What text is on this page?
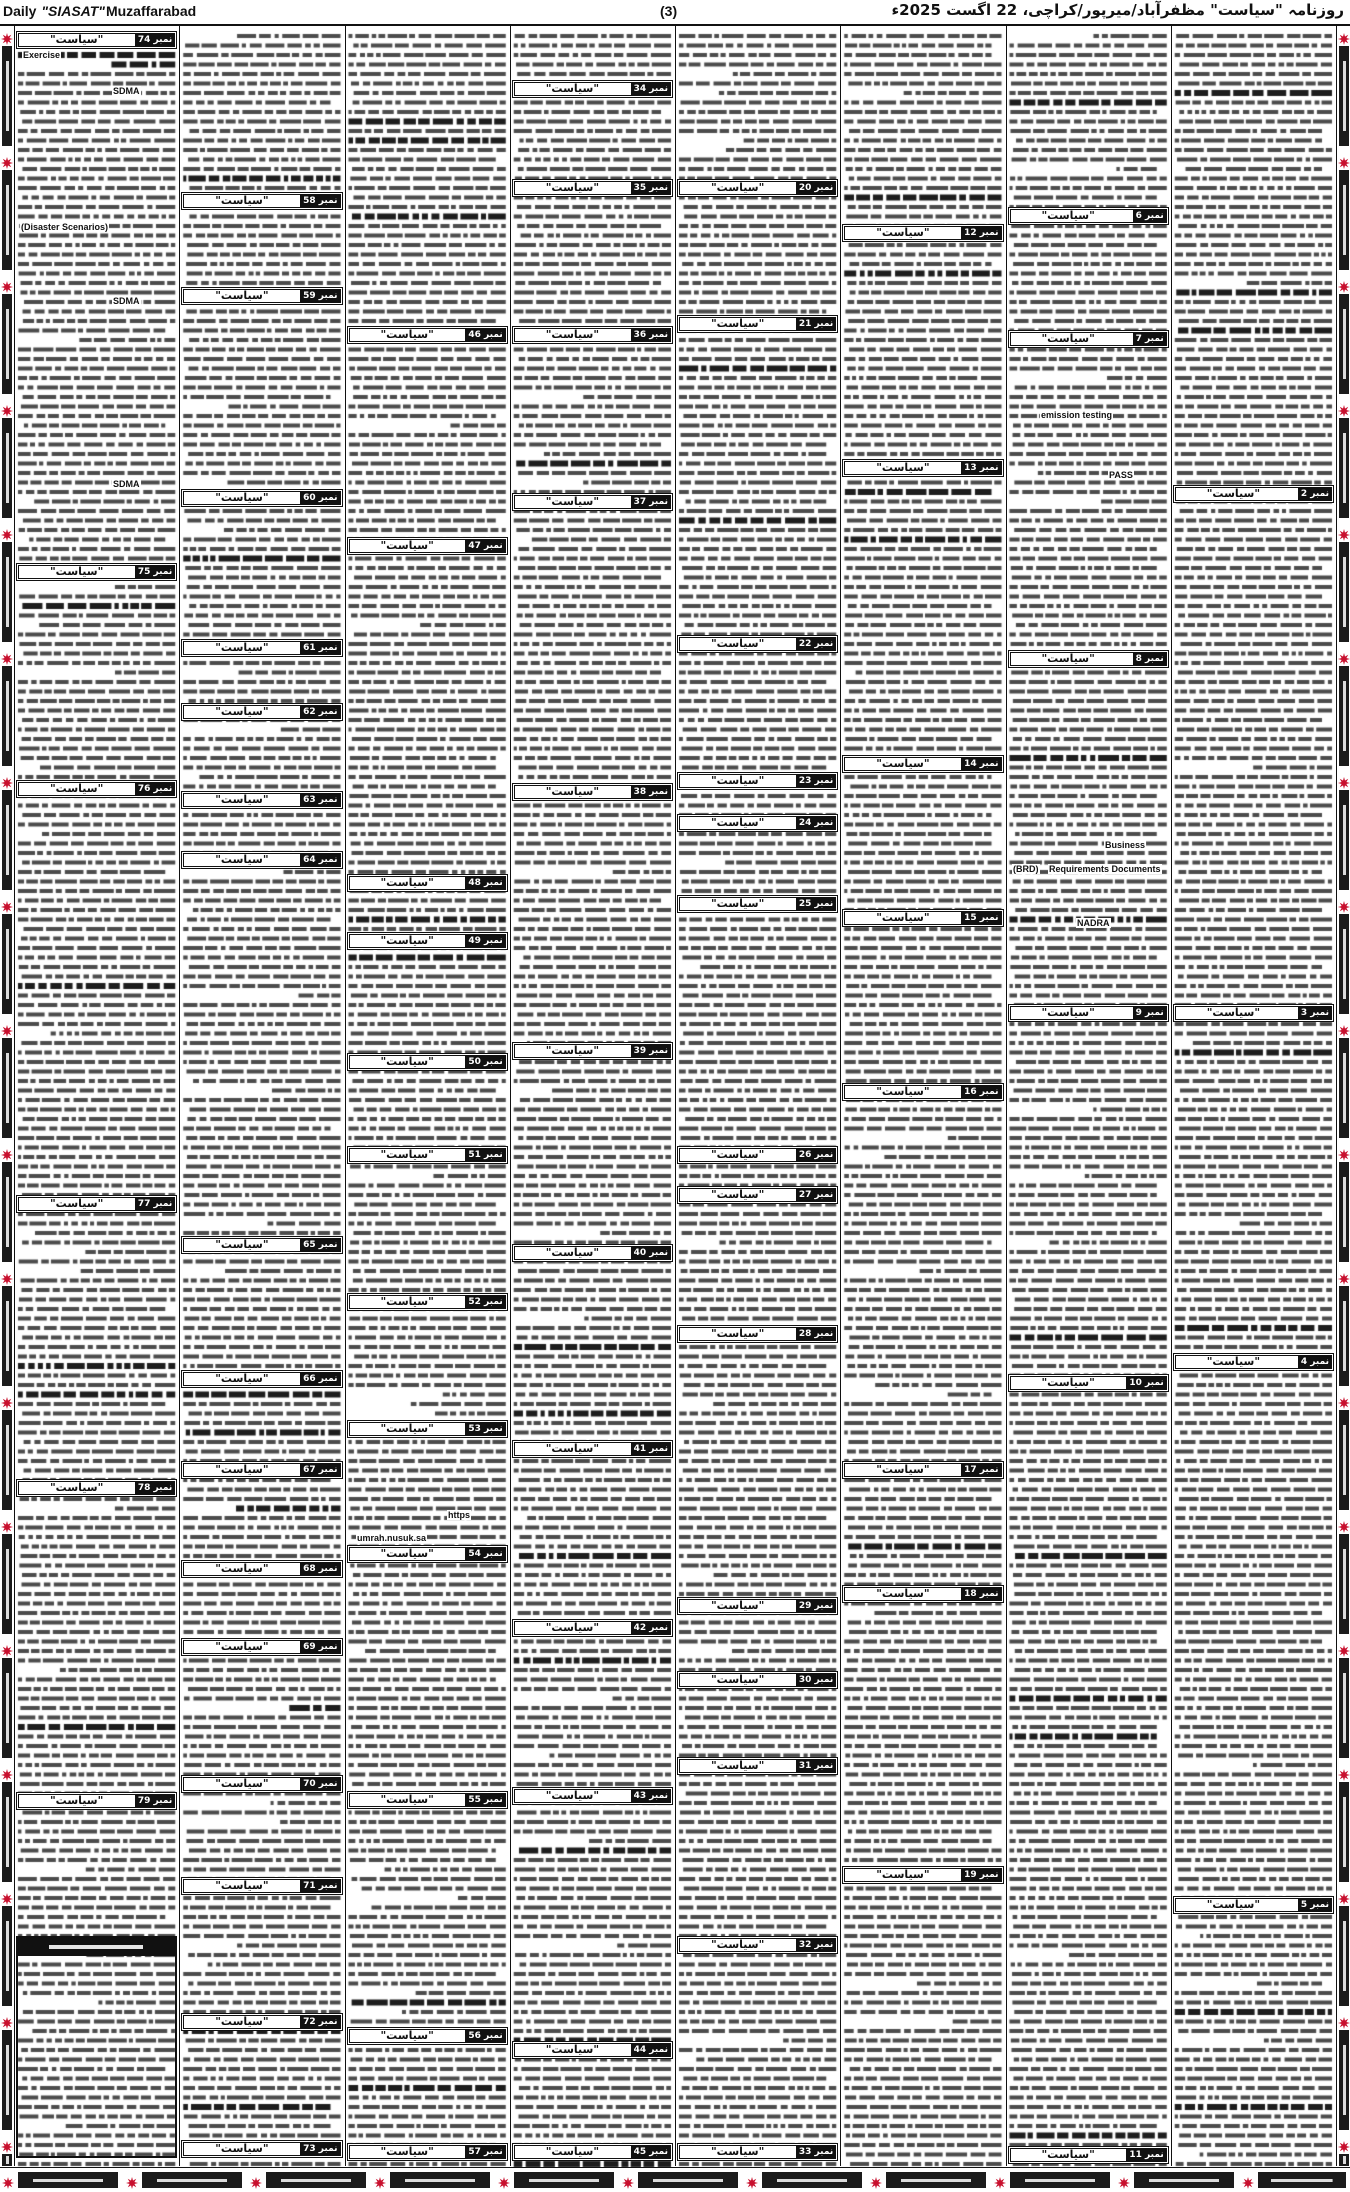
Daily "SIASAT"Muzaffarabad	(3)	روزنامہ "سیاست" مظفرآباد/میرپور/کراچی، 22 اگست 2025ء
"سیاست"	نمبر 74
"سیاست"	نمبر 75
"سیاست"	نمبر 76
"سیاست"	نمبر 77
"سیاست"	نمبر 78
"سیاست"	نمبر 79
"سیاست"	نمبر 58
"سیاست"	نمبر 59
"سیاست"	نمبر 60
"سیاست"	نمبر 61
"سیاست"	نمبر 62
"سیاست"	نمبر 63
"سیاست"	نمبر 64
"سیاست"	نمبر 65
"سیاست"	نمبر 66
"سیاست"	نمبر 67
"سیاست"	نمبر 68
"سیاست"	نمبر 69
"سیاست"	نمبر 70
"سیاست"	نمبر 71
"سیاست"	نمبر 72
"سیاست"	نمبر 73
"سیاست"	نمبر 46
"سیاست"	نمبر 47
"سیاست"	نمبر 48
"سیاست"	نمبر 49
"سیاست"	نمبر 50
"سیاست"	نمبر 51
"سیاست"	نمبر 52
"سیاست"	نمبر 53
"سیاست"	نمبر 54
"سیاست"	نمبر 55
"سیاست"	نمبر 56
"سیاست"	نمبر 57
"سیاست"	نمبر 34
"سیاست"	نمبر 35
"سیاست"	نمبر 36
"سیاست"	نمبر 37
"سیاست"	نمبر 38
"سیاست"	نمبر 39
"سیاست"	نمبر 40
"سیاست"	نمبر 41
"سیاست"	نمبر 42
"سیاست"	نمبر 43
"سیاست"	نمبر 44
"سیاست"	نمبر 45
"سیاست"	نمبر 20
"سیاست"	نمبر 21
"سیاست"	نمبر 22
"سیاست"	نمبر 23
"سیاست"	نمبر 24
"سیاست"	نمبر 25
"سیاست"	نمبر 26
"سیاست"	نمبر 27
"سیاست"	نمبر 28
"سیاست"	نمبر 29
"سیاست"	نمبر 30
"سیاست"	نمبر 31
"سیاست"	نمبر 32
"سیاست"	نمبر 33
"سیاست"	نمبر 12
"سیاست"	نمبر 13
"سیاست"	نمبر 14
"سیاست"	نمبر 15
"سیاست"	نمبر 16
"سیاست"	نمبر 17
"سیاست"	نمبر 18
"سیاست"	نمبر 19
"سیاست"	نمبر 6
"سیاست"	نمبر 7
"سیاست"	نمبر 8
"سیاست"	نمبر 9
"سیاست"	نمبر 10
"سیاست"	نمبر 11
"سیاست"	نمبر 2
"سیاست"	نمبر 3
"سیاست"	نمبر 4
"سیاست"	نمبر 5
Exercise
SDMA
(Disaster Scenarios)
SDMA
SDMA
emission testing
PASS
Business
Requirements Documents
(BRD)
NADRA
https
umrah.nusuk.sa
